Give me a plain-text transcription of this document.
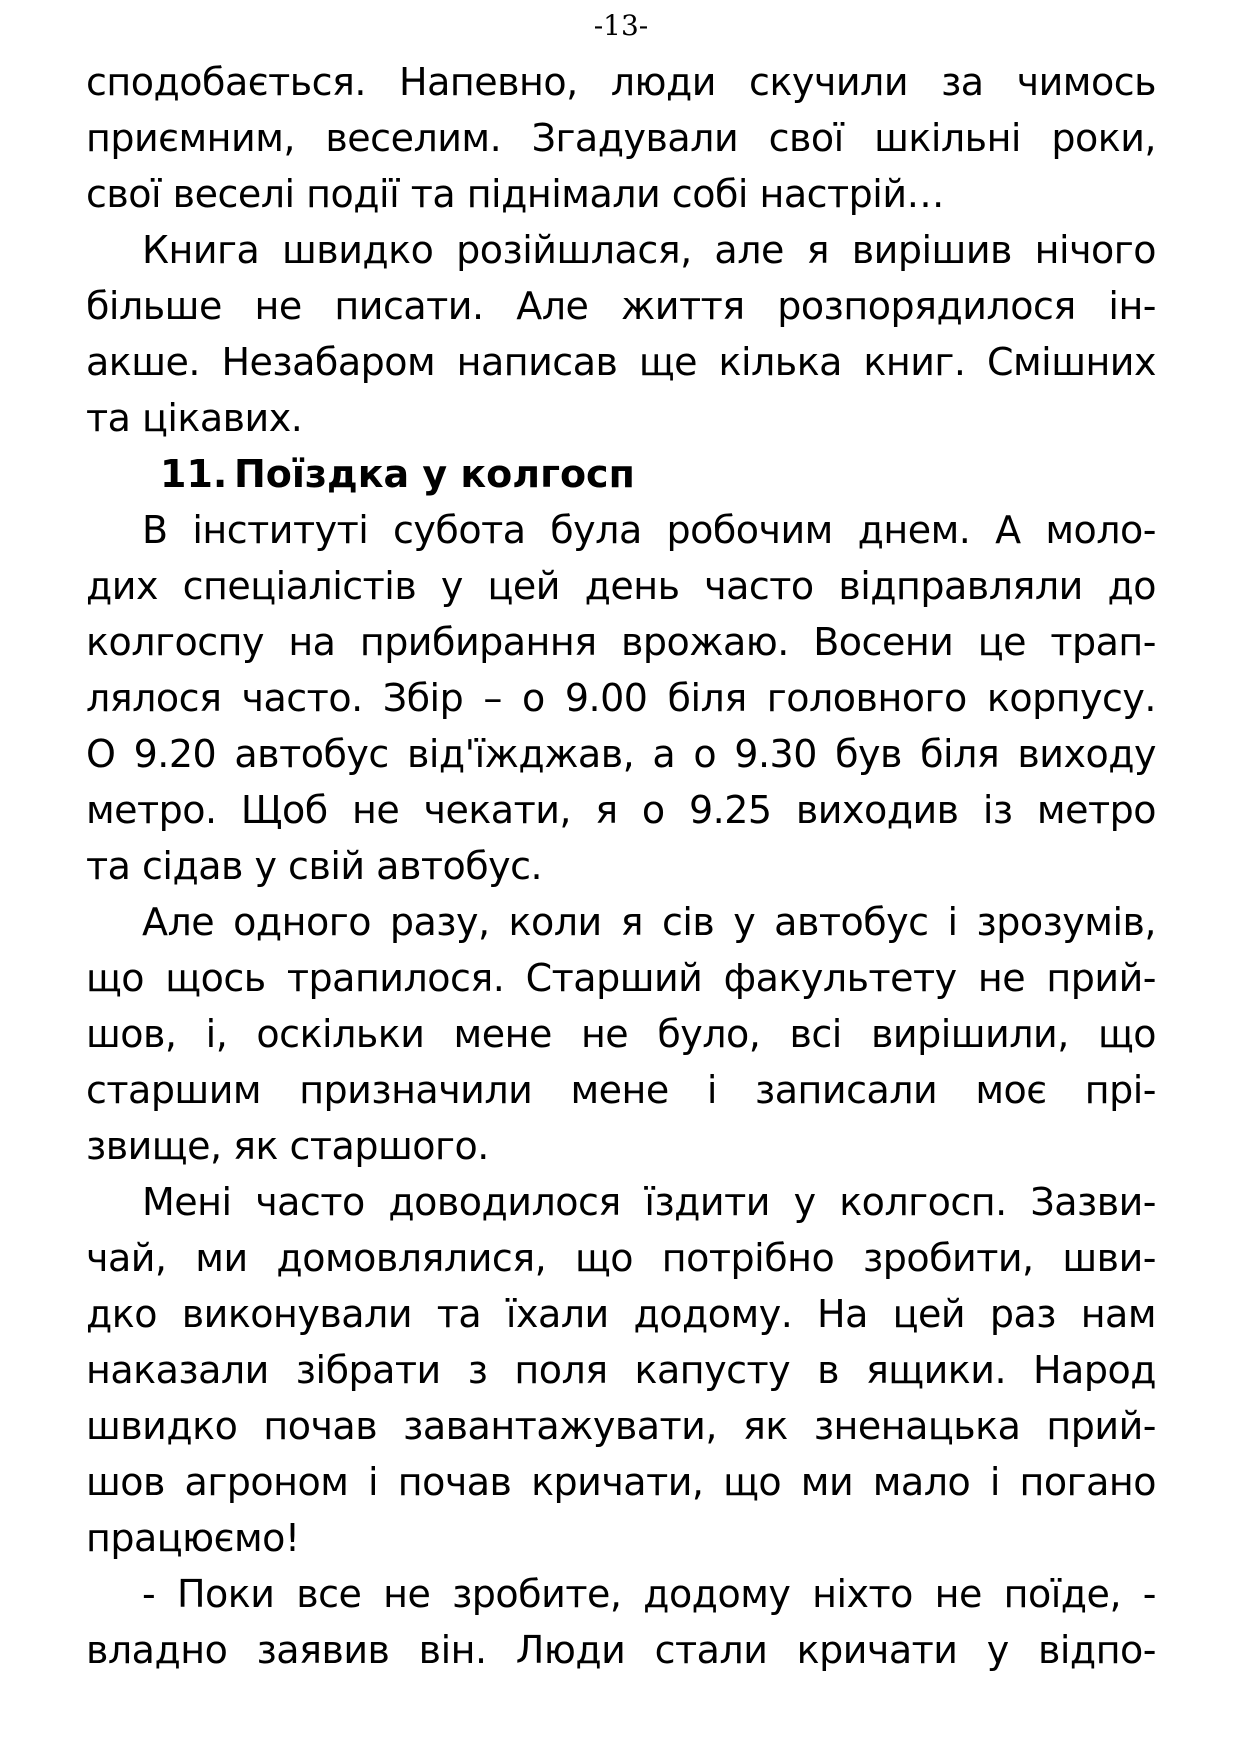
-13-
сподобається. Напевно, люди скучили за чимось
приємним, веселим. Згадували свої шкільні роки,
свої веселі події та піднімали собі настрій…
Книга швидко розійшлася, але я вирішив нічого
більше не писати. Але життя розпорядилося ін-
акше. Незабаром написав ще кілька книг. Смішних
та цікавих.
11. Поїздка у колгосп
В інституті субота була робочим днем. А моло-
дих спеціалістів у цей день часто відправляли до
колгоспу на прибирання врожаю. Восени це трап-
лялося часто. Збір – о 9.00 біля головного корпусу.
О 9.20 автобус від'їжджав, а о 9.30 був біля виходу
метро. Щоб не чекати, я о 9.25 виходив із метро
та сідав у свій автобус.
Але одного разу, коли я сів у автобус і зрозумів,
що щось трапилося. Старший факультету не прий-
шов, і, оскільки мене не було, всі вирішили, що
старшим призначили мене і записали моє прі-
звище, як старшого.
Мені часто доводилося їздити у колгосп. Зазви-
чай, ми домовлялися, що потрібно зробити, шви-
дко виконували та їхали додому. На цей раз нам
наказали зібрати з поля капусту в ящики. Народ
швидко почав завантажувати, як зненацька прий-
шов агроном і почав кричати, що ми мало і погано
працюємо!
- Поки все не зробите, додому ніхто не поїде, -
владно заявив він. Люди стали кричати у відпо-
